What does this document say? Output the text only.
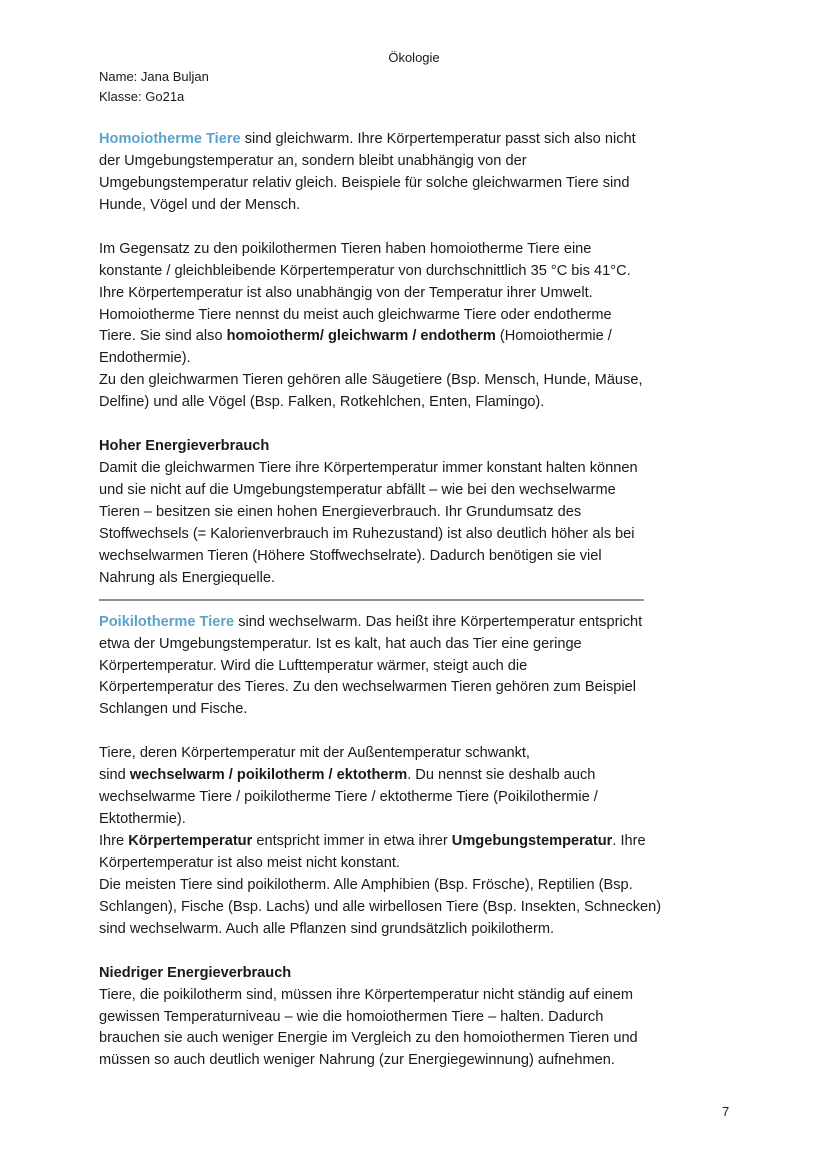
Ökologie
Name: Jana Buljan
Klasse: Go21a
Homoiotherme Tiere sind gleichwarm. Ihre Körpertemperatur passt sich also nicht
der Umgebungstemperatur an, sondern bleibt unabhängig von der
Umgebungstemperatur relativ gleich. Beispiele für solche gleichwarmen Tiere sind
Hunde, Vögel und der Mensch.
Im Gegensatz zu den poikilothermen Tieren haben homoiotherme Tiere eine
konstante / gleichbleibende Körpertemperatur von durchschnittlich 35 °C bis 41°C.
Ihre Körpertemperatur ist also unabhängig von der Temperatur ihrer Umwelt.
Homoiotherme Tiere nennst du meist auch gleichwarme Tiere oder endotherme
Tiere. Sie sind also homoiotherm/ gleichwarm / endotherm (Homoiothermie /
Endothermie).
Zu den gleichwarmen Tieren gehören alle Säugetiere (Bsp. Mensch, Hunde, Mäuse,
Delfine) und alle Vögel (Bsp. Falken, Rotkehlchen, Enten, Flamingo).
Hoher Energieverbrauch
Damit die gleichwarmen Tiere ihre Körpertemperatur immer konstant halten können
und sie nicht auf die Umgebungstemperatur abfällt – wie bei den wechselwarme
Tieren – besitzen sie einen hohen Energieverbrauch. Ihr Grundumsatz des
Stoffwechsels (= Kalorienverbrauch im Ruhezustand) ist also deutlich höher als bei
wechselwarmen Tieren (Höhere Stoffwechselrate). Dadurch benötigen sie viel
Nahrung als Energiequelle.
————————————————————————————————————————
Poikilotherme Tiere sind wechselwarm. Das heißt ihre Körpertemperatur entspricht
etwa der Umgebungstemperatur. Ist es kalt, hat auch das Tier eine geringe
Körpertemperatur. Wird die Lufttemperatur wärmer, steigt auch die
Körpertemperatur des Tieres. Zu den wechselwarmen Tieren gehören zum Beispiel
Schlangen und Fische.
Tiere, deren Körpertemperatur mit der Außentemperatur schwankt,
sind wechselwarm / poikilotherm / ektotherm. Du nennst sie deshalb auch
wechselwarme Tiere / poikilotherme Tiere / ektotherme Tiere (Poikilothermie /
Ektothermie).
Ihre Körpertemperatur entspricht immer in etwa ihrer Umgebungstemperatur. Ihre
Körpertemperatur ist also meist nicht konstant.
Die meisten Tiere sind poikilotherm. Alle Amphibien (Bsp. Frösche), Reptilien (Bsp.
Schlangen), Fische (Bsp. Lachs) und alle wirbellosen Tiere (Bsp. Insekten, Schnecken)
sind wechselwarm. Auch alle Pflanzen sind grundsätzlich poikilotherm.
Niedriger Energieverbrauch
Tiere, die poikilotherm sind, müssen ihre Körpertemperatur nicht ständig auf einem
gewissen Temperaturniveau – wie die homoiothermen Tiere – halten. Dadurch
brauchen sie auch weniger Energie im Vergleich zu den homoiothermen Tieren und
müssen so auch deutlich weniger Nahrung (zur Energiegewinnung) aufnehmen.
7
